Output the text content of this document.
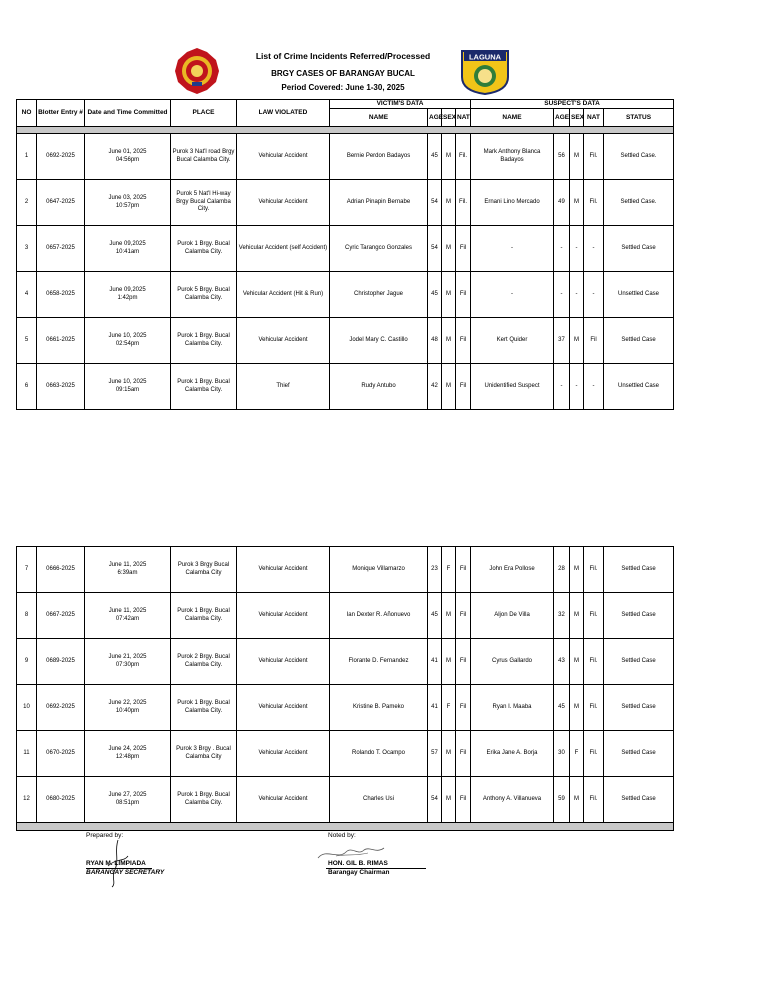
LAGUNA
List of Crime Incidents Referred/Processed
BRGY CASES OF BARANGAY BUCAL
Period Covered: June 1-30, 2025
NO	Blotter Entry #	Date and Time Committed	PLACE	LAW VIOLATED	VICTIM'S DATA				SUSPECT'S DATA				
					NAME	AGE	SEX	NAT	NAME	AGE	SEX	NAT	STATUS

1	0692-2025	June 01, 2025
04:56pm	Purok 3 Nat'l road Brgy Bucal Calamba City.	Vehicular Accident	Bernie Perdon Badayos	45	M	Fil.	Mark Anthony Blanca Badayos	56	M	Fil.	Settled Case.
2	0647-2025	June 03, 2025
10:57pm	Purok 5 Nat'l Hi-way Brgy Bucal Calamba City.	Vehicular Accident	Adrian Pinapin Bernabe	54	M	Fil.	Ernani Lino Mercado	49	M	Fil.	Settled Case.
3	0657-2025	June 09,2025
10:41am	Purok 1 Brgy. Bucal Calamba City.	Vehicular Accident (self Accident)	Cyric Tarangco Gonzales	54	M	Fil	-	-	-	-	Settled Case
4	0658-2025	June 09,2025
1:42pm	Purok 5 Brgy. Bucal Calamba City.	Vehicular Accident (Hit & Run)	Christopher Jague	45	M	Fil	-	-	-	-	Unsettled Case
5	0661-2025	June 10, 2025
02:54pm	Purok 1 Brgy. Bucal Calamba City.	Vehicular Accident	Jodel Mary C. Castillo	48	M	Fil	Kert Quider	37	M	Fil	Settled Case
6	0663-2025	June 10, 2025
09:15am	Purok 1 Brgy. Bucal Calamba City.	Thief	Rudy Antubo	42	M	Fil	Unidentified Suspect	-	-	-	Unsettled Case
7	0666-2025	June 11, 2025
6:39am	Purok 3 Brgy Bucal Calamba City	Vehicular Accident	Monique Villamarzo	23	F	Fil	John Era Pollose	28	M	Fil.	Settled Case
8	0667-2025	June 11, 2025
07:42am	Purok 1 Brgy. Bucal Calamba City.	Vehicular Accident	Ian Dexter R. Añonuevo	45	M	Fil	Aljon De Villa	32	M	Fil.	Settled Case
9	0689-2025	June 21, 2025
07:30pm	Purok 2 Brgy. Bucal Calamba City.	Vehicular Accident	Florante D. Fernandez	41	M	Fil	Cyrus Gallardo	43	M	Fil.	Settled Case
10	0692-2025	June 22, 2025
10:40pm	Purok 1 Brgy. Bucal Calamba City.	Vehicular Accident	Kristine B. Pameko	41	F	Fil	Ryan I. Maaba	45	M	Fil.	Settled Case
11	0670-2025	June 24, 2025
12:48pm	Purok 3 Brgy . Bucal Calamba City	Vehicular Accident	Rolando T. Ocampo	57	M	Fil	Erika Jane A. Borja	30	F	Fil.	Settled Case
12	0680-2025	June 27, 2025
08:51pm	Purok 1 Brgy. Bucal Calamba City.	Vehicular Accident	Charles Usi	54	M	Fil	Anthony A. Villanueva	59	M	Fil.	Settled Case

Prepared by:
RYAN M. LIMPIADA
BARANGAY SECRETARY
Noted by:
HON. GIL B. RIMAS
Barangay Chairman
